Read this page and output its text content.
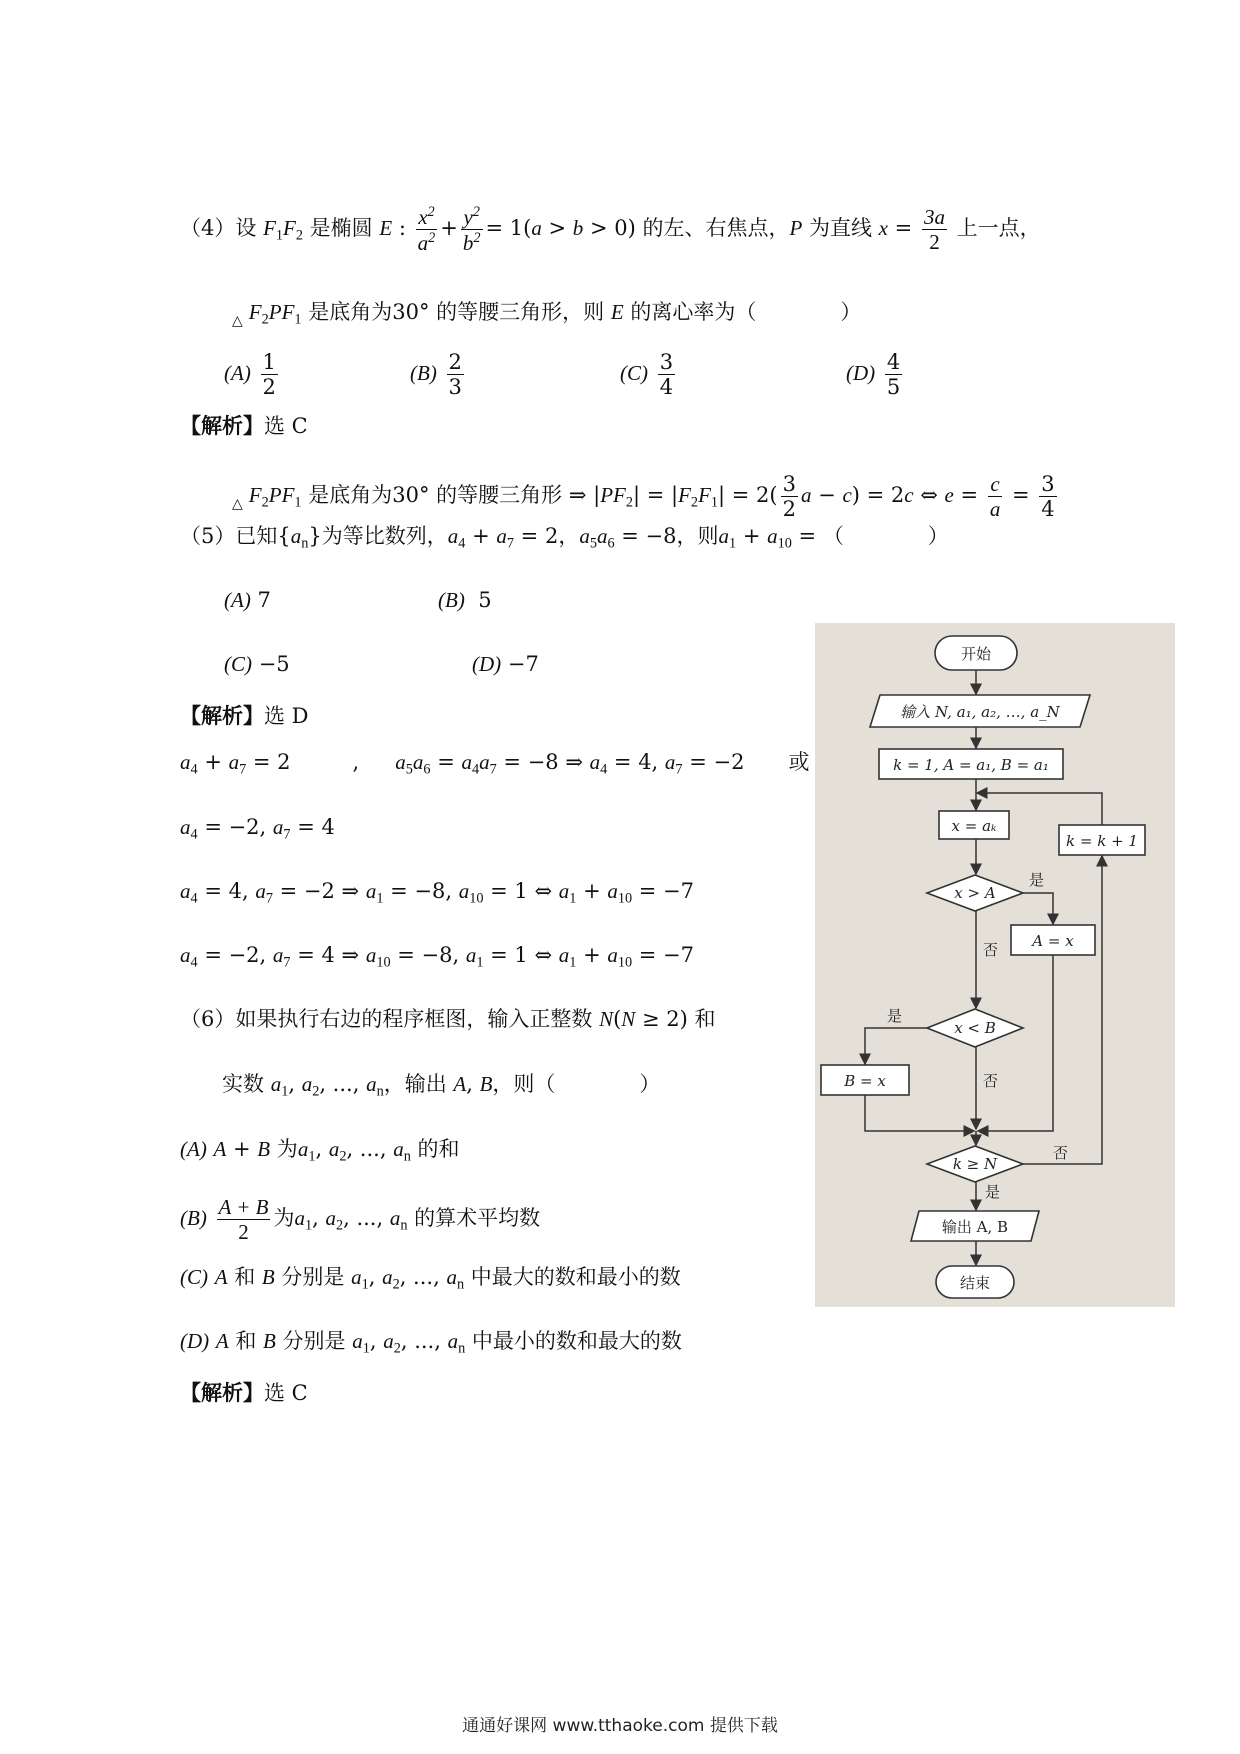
（4）设 $F_1F_2$ 是椭圆 E : $\frac{x^2}{a^2} + \frac{y^2}{b^2} = 1(a > b > 0)$ 的左、右焦点，P 为直线 $x = \frac{3a}{2}$ 上一点，
$_\triangle$ $F_2PF_1$ 是底角为30° 的等腰三角形，则 E 的离心率为（　　　　）
$(A) \frac{1}{2}$	$(B) \frac{2}{3}$	$(C) \frac{3}{4}$	$(D) \frac{4}{5}$
【解析】选 C
$_\triangle$ $F_2PF_1$ 是底角为30° 的等腰三角形 ⇒ $|PF_2| = |F_2F_1| = 2( \frac{3}{2}$ a − c) = 2c ⇔ $e = \frac{c}{a} = \frac{3}{4}$
（5）已知$\{a_n\}$为等比数列，$a_4 + a_7 = 2$，$a_5a_6 = -8$，则$a_1 + a_{10}$ = （　　　　）
(A) 7	(B) 5
(C) −5	(D) −7
【解析】选 D
$a_4 + a_7 = 2$	, $a_5a_6 = a_4a_7 = -8$ ⇒ $a_4 = 4$, $a_7 = -2$ 或
$a_4 = -2$, $a_7 = 4$
$a_4 = 4$, $a_7 = -2$ ⇒ $a_1 = -8$, $a_{10} = 1$ ⇔ $a_1 + a_{10} = -7$
$a_4 = -2$, $a_7 = 4$ ⇒ $a_{10} = -8$, $a_1 = 1$ ⇔ $a_1 + a_{10} = -7$
（6）如果执行右边的程序框图，输入正整数 N(N ≥ 2) 和
实数 $a_1$, $a_2$, ..., $a_n$，输出 A, B，则（　　　　）
(A) A + B 为$a_1$, $a_2$, ..., $a_n$ 的和
$(B) \frac{A + B}{2}$ 为$a_1$, $a_2$, ..., $a_n$ 的算术平均数
(C) A 和 B 分别是 $a_1$, $a_2$, ..., $a_n$ 中最大的数和最小的数
(D) A 和 B 分别是 $a_1$, $a_2$, ..., $a_n$ 中最小的数和最大的数
【解析】选 C
开始
输入 N, a₁, a₂, …, a_N
k = 1, A = a₁, B = a₁
x = aₖ
k = k + 1
x > A
是
否 A = x
x < B
是
否
B = x
k ≥ N
否
是
输出 A, B
结束
通通好课网 www.tthaoke.com 提供下载
